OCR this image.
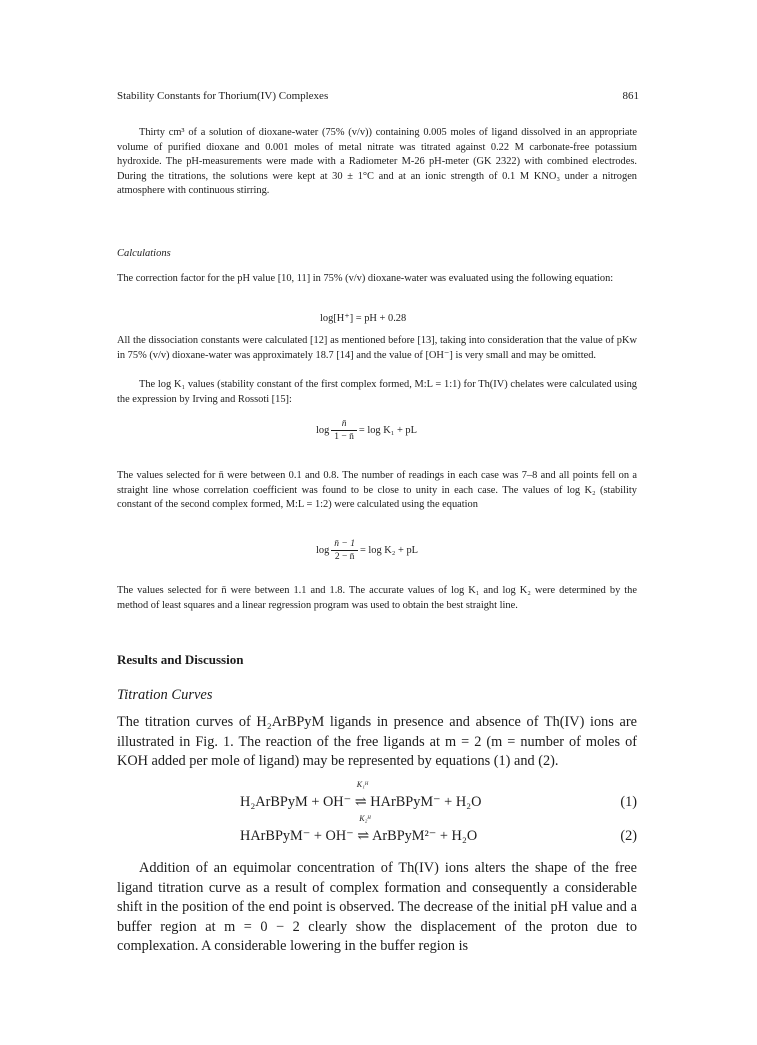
Stability Constants for Thorium(IV) Complexes	861

Thirty cm³ of a solution of dioxane-water (75% (v/v)) containing 0.005 moles of ligand dissolved in an appropriate volume of purified dioxane and 0.001 moles of metal nitrate was titrated against 0.22 M carbonate-free potassium hydroxide. The pH-measurements were made with a Radiometer M-26 pH-meter (GK 2322) with combined electrodes. During the titrations, the solutions were kept at 30 ± 1°C and at an ionic strength of 0.1 M KNO₃ under a nitrogen atmosphere with continuous stirring.

Calculations

The correction factor for the pH value [10, 11] in 75% (v/v) dioxane-water was evaluated using the following equation:

log[H⁺] = pH + 0.28

All the dissociation constants were calculated [12] as mentioned before [13], taking into consideration that the value of pKw in 75% (v/v) dioxane-water was approximately 18.7 [14] and the value of [OH⁻] is very small and may be omitted.

The log K₁ values (stability constant of the first complex formed, M:L = 1:1) for Th(IV) chelates were calculated using the expression by Irving and Rossoti [15]:

$\log \frac{n̄}{1 - n̄} = \log K_1$ + pL

The values selected for n̄ were between 0.1 and 0.8. The number of readings in each case was 7–8 and all points fell on a straight line whose correlation coefficient was found to be close to unity in each case. The values of log K₂ (stability constant of the second complex formed, M:L = 1:2) were calculated using the equation

$\log \frac{n̄ - 1}{2 - n̄} = \log K_2$ + pL

The values selected for n̄ were between 1.1 and 1.8. The accurate values of log K₁ and log K₂ were determined by the method of least squares and a linear regression program was used to obtain the best straight line.

Results and Discussion
Titration Curves

The titration curves of H₂ArBPyM ligands in presence and absence of Th(IV) ions are illustrated in Fig. 1. The reaction of the free ligands at m = 2 (m = number of moles of KOH added per mole of ligand) may be represented by equations (1) and (2).

H₂ArBPyM + OH⁻
K₁ᴴ
⇌ HArBPyM⁻ + H₂O	(1)
HArBPyM⁻ + OH⁻
K₂ᴴ
⇌ ArBPyM²⁻ + H₂O	(2)

Addition of an equimolar concentration of Th(IV) ions alters the shape of the free ligand titration curve as a result of complex formation and consequently a considerable shift in the position of the end point is observed. The decrease of the initial pH value and a buffer region at m = 0 − 2 clearly show the displacement of the proton due to complexation. A considerable lowering in the buffer region is
